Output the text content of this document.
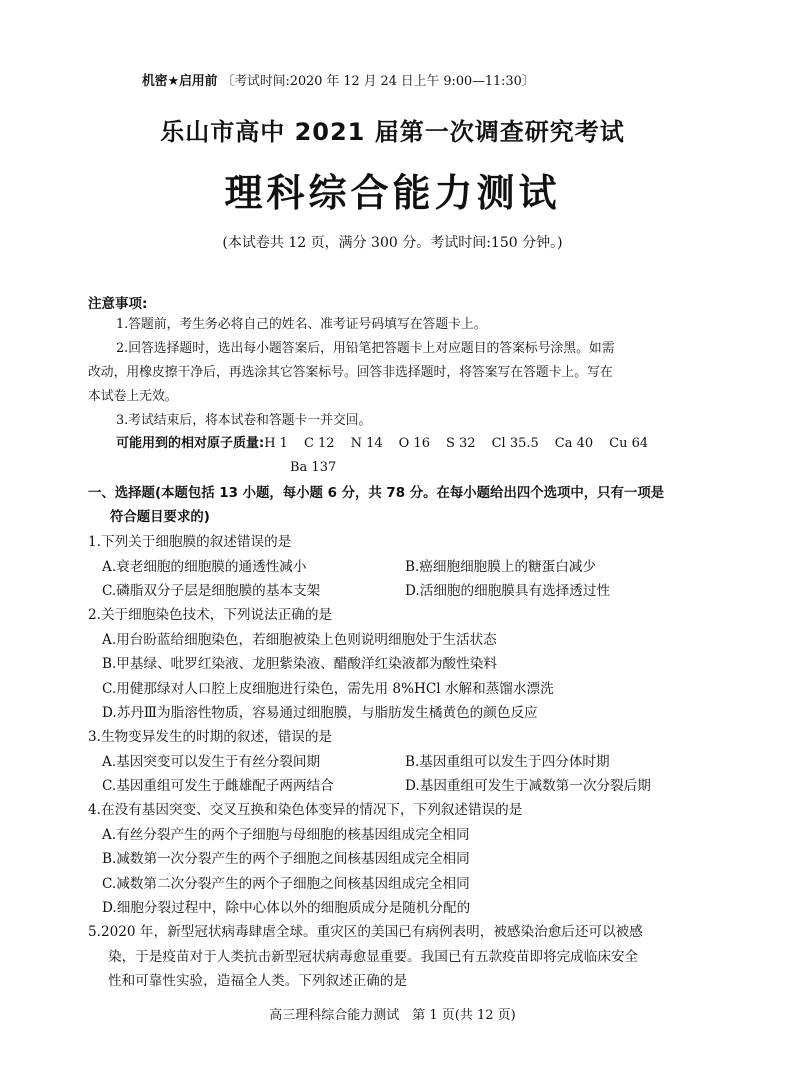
机密★启用前 〔考试时间:2020 年 12 月 24 日上午 9:00—11:30〕
乐山市高中 2021 届第一次调查研究考试
理科综合能力测试
(本试卷共 12 页，满分 300 分。考试时间:150 分钟。)
注意事项:

1.答题前，考生务必将自己的姓名、准考证号码填写在答题卡上。

2.回答选择题时，选出每小题答案后，用铅笔把答题卡上对应题目的答案标号涂黑。如需

改动，用橡皮擦干净后，再选涂其它答案标号。回答非选择题时，将答案写在答题卡上。写在

本试卷上无效。

3.考试结束后，将本试卷和答题卡一并交回。

可能用到的相对原子质量:H 1 C 12 N 14 O 16 S 32 Cl 35.5 Ca 40 Cu 64
Ba 137
一、选择题(本题包括 13 小题，每小题 6 分，共 78 分。在每小题给出四个选项中，只有一项是
符合题目要求的)
1.下列关于细胞膜的叙述错误的是
A.衰老细胞的细胞膜的通透性减小	B.癌细胞细胞膜上的糖蛋白减少
C.磷脂双分子层是细胞膜的基本支架	D.活细胞的细胞膜具有选择透过性
2.关于细胞染色技术，下列说法正确的是
A.用台盼蓝给细胞染色，若细胞被染上色则说明细胞处于生活状态
B.甲基绿、吡罗红染液、龙胆紫染液、醋酸洋红染液都为酸性染料
C.用健那绿对人口腔上皮细胞进行染色，需先用 8%HCl 水解和蒸馏水漂洗
D.苏丹Ⅲ为脂溶性物质，容易通过细胞膜，与脂肪发生橘黄色的颜色反应
3.生物变异发生的时期的叙述，错误的是
A.基因突变可以发生于有丝分裂间期	B.基因重组可以发生于四分体时期
C.基因重组可发生于雌雄配子两两结合	D.基因重组可发生于减数第一次分裂后期
4.在没有基因突变、交叉互换和染色体变异的情况下，下列叙述错误的是
A.有丝分裂产生的两个子细胞与母细胞的核基因组成完全相同
B.减数第一次分裂产生的两个子细胞之间核基因组成完全相同
C.减数第二次分裂产生的两个子细胞之间核基因组成完全相同
D.细胞分裂过程中，除中心体以外的细胞质成分是随机分配的
5.2020 年，新型冠状病毒肆虐全球。重灾区的美国已有病例表明，被感染治愈后还可以被感
染，于是疫苗对于人类抗击新型冠状病毒愈显重要。我国已有五款疫苗即将完成临床安全
性和可靠性实验，造福全人类。下列叙述正确的是
高三理科综合能力测试　第 1 页(共 12 页)
